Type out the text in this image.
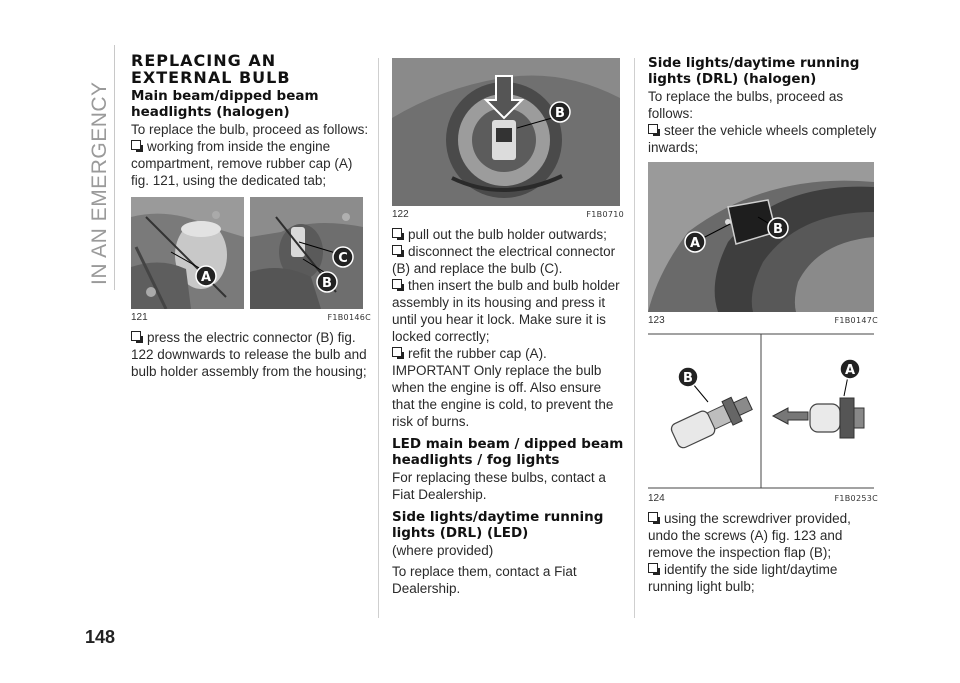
IN AN EMERGENCY
148
REPLACING AN
EXTERNAL BULB
Main beam/dipped beam headlights (halogen)

To replace the bulb, proceed as follows:

working from inside the engine compartment, remove rubber cap (A) fig. 121, using the dedicated tab;

A
C
B
121	F1B0146C

press the electric connector (B) fig. 122 downwards to release the bulb and bulb holder assembly from the housing;

B
122	F1B0710

pull out the bulb holder outwards;

disconnect the electrical connector (B) and replace the bulb (C).

then insert the bulb and bulb holder assembly in its housing and press it until you hear it lock. Make sure it is locked correctly;

refit the rubber cap (A).

IMPORTANT Only replace the bulb when the engine is off. Also ensure that the engine is cold, to prevent the risk of burns.

LED main beam / dipped beam headlights / fog lights

For replacing these bulbs, contact a Fiat Dealership.

Side lights/daytime running lights (DRL) (LED)

(where provided)

To replace them, contact a Fiat Dealership.

Side lights/daytime running lights (DRL) (halogen)

To replace the bulbs, proceed as follows:

steer the vehicle wheels completely inwards;

A
B
123	F1B0147C
B
A
124	F1B0253C

using the screwdriver provided, undo the screws (A) fig. 123 and remove the inspection flap (B);

identify the side light/daytime running light bulb;
